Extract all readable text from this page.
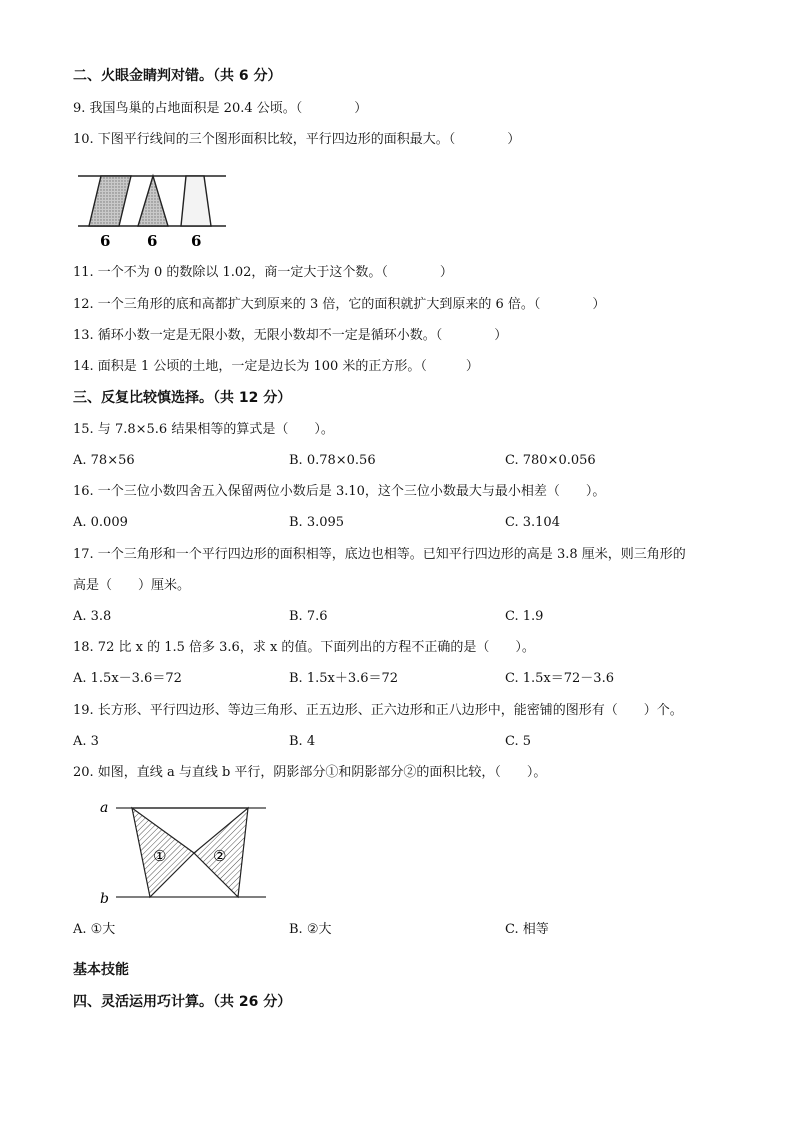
二、火眼金睛判对错。（共 6 分）
9. 我国鸟巢的占地面积是 20.4 公顷。（　　　　）
10. 下图平行线间的三个图形面积比较，平行四边形的面积最大。（　　　　）
6 6 6
11. 一个不为 0 的数除以 1.02，商一定大于这个数。（　　　　）
12. 一个三角形的底和高都扩大到原来的 3 倍，它的面积就扩大到原来的 6 倍。（　　　　）
13. 循环小数一定是无限小数，无限小数却不一定是循环小数。（　　　　）
14. 面积是 1 公顷的土地，一定是边长为 100 米的正方形。（　　　）
三、反复比较慎选择。（共 12 分）
15. 与 7.8×5.6 结果相等的算式是（　　）。
A. 78×56	B. 0.78×0.56	C. 780×0.056
16. 一个三位小数四舍五入保留两位小数后是 3.10，这个三位小数最大与最小相差（　　）。
A. 0.009	B. 3.095	C. 3.104
17. 一个三角形和一个平行四边形的面积相等，底边也相等。已知平行四边形的高是 3.8 厘米，则三角形的
高是（　　）厘米。
A. 3.8	B. 7.6	C. 1.9
18. 72 比 x 的 1.5 倍多 3.6，求 x 的值。下面列出的方程不正确的是（　　）。
A. 1.5x－3.6＝72	B. 1.5x＋3.6＝72	C. 1.5x＝72－3.6
19. 长方形、平行四边形、等边三角形、正五边形、正六边形和正八边形中，能密铺的图形有（　　）个。
A. 3	B. 4	C. 5
20. 如图，直线 a 与直线 b 平行，阴影部分①和阴影部分②的面积比较，（　　）。
a
b
①	②
A. ①大	B. ②大	C. 相等
基本技能
四、灵活运用巧计算。（共 26 分）
